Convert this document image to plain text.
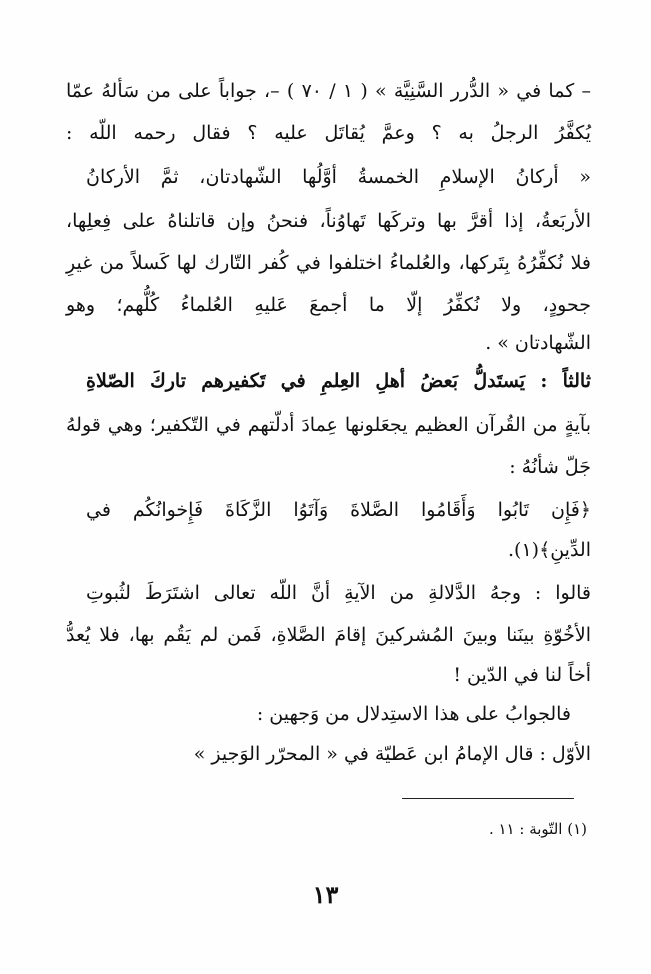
– كما في « الدُّرر السَّنِيَّة » ( ١ / ٧٠ ) –، جواباً على من سَألهُ عمّا
يُكفَّرُ الرجلُ به ؟ وعمَّ يُقاتَل عليه ؟ فقال رحمه اللّه :
« أركانُ الإسلامِ الخمسةُ أوَّلُها الشّهادتان، ثمَّ الأركانُ
الأربَعةُ، إذا أقرَّ بها وتركَها تَهاوُناً، فنحنُ وإن قاتلناهُ على فِعلِها،
فلا نُكفِّرُهُ بِتَركها، والعُلماءُ اختلفوا في كُفر التّارك لها كَسلاً من غيرِ
جحودٍ، ولا نُكفِّرُ إلّا ما أجمعَ عَليهِ العُلماءُ كُلُّهم؛ وهو
الشّهادتان » .
ثالثاً : يَستَدلُّ بَعضُ أهلِ العِلمِ في تَكفيرهم تاركَ الصّلاةِ
بآيةٍ من القُرآن العظيم يجعَلونها عِمادَ أدلّتهم في التّكفير؛ وهي قولهُ
جَلّ شأنُهُ :
﴿فَإِن تَابُوا وَأَقَامُوا الصَّلاةَ وَآتَوُا الزَّكَاةَ فَإِخوانُكُم في
الدِّينِ﴾(١).
قالوا : وجهُ الدَّلالةِ من الآيةِ أنَّ اللّه تعالى اشتَرَطَ لثُبوتِ
الأخُوّةِ بينَنا وبينَ المُشركينَ إقامَ الصَّلاةِ، فَمن لم يَقُم بها، فلا يُعدُّ
أخاً لنا في الدّين !
فالجوابُ على هذا الاستِدلال من وَجهين :
الأوّل : قال الإمامُ ابن عَطيّة في « المحرّر الوَجيز »
(١) التّوبة : ١١ .
١٣
